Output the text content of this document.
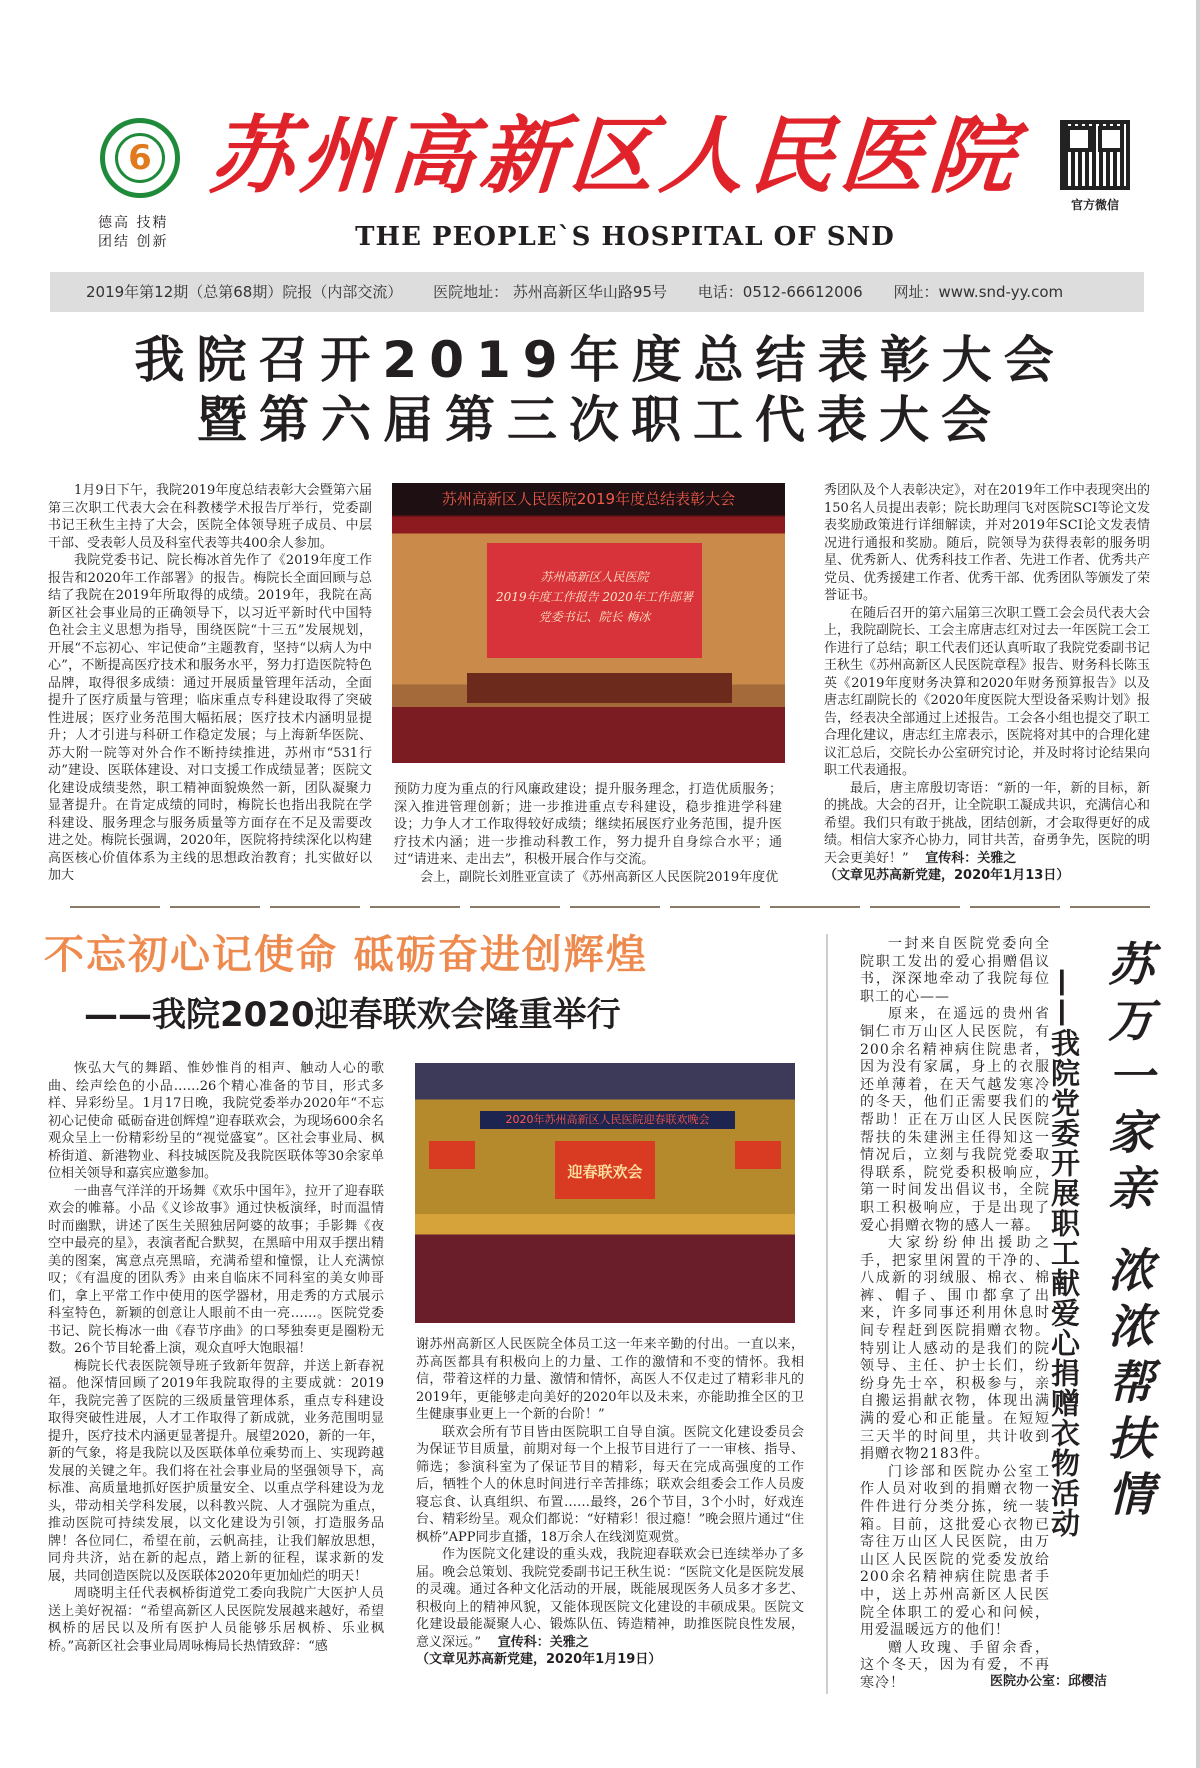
6
德高 技精
团结 创新
苏州高新区人民医院
THE PEOPLE`S HOSPITAL OF SND
官方微信
2019年第12期（总第68期）院报（内部交流） 医院地址： 苏州高新区华山路95号 电话：0512-66612006 网址：www.snd-yy.com
我院召开2019年度总结表彰大会
暨第六届第三次职工代表大会

1月9日下午，我院2019年度总结表彰大会暨第六届第三次职工代表大会在科教楼学术报告厅举行，党委副书记王秋生主持了大会，医院全体领导班子成员、中层干部、受表彰人员及科室代表等共400余人参加。

我院党委书记、院长梅冰首先作了《2019年度工作报告和2020年工作部署》的报告。梅院长全面回顾与总结了我院在2019年所取得的成绩。2019年，我院在高新区社会事业局的正确领导下，以习近平新时代中国特色社会主义思想为指导，围绕医院“十三五”发展规划，开展“不忘初心、牢记使命”主题教育，坚持“以病人为中心”，不断提高医疗技术和服务水平，努力打造医院特色品牌，取得很多成绩：通过开展质量管理年活动，全面提升了医疗质量与管理；临床重点专科建设取得了突破性进展；医疗业务范围大幅拓展；医疗技术内涵明显提升；人才引进与科研工作稳定发展；与上海新华医院、苏大附一院等对外合作不断持续推进，苏州市“531行动”建设、医联体建设、对口支援工作成绩显著；医院文化建设成绩斐然，职工精神面貌焕然一新，团队凝聚力显著提升。在肯定成绩的同时，梅院长也指出我院在学科建设、服务理念与服务质量等方面存在不足及需要改进之处。梅院长强调，2020年，医院将持续深化以构建高医核心价值体系为主线的思想政治教育；扎实做好以加大

苏州高新区人民医院2019年度总结表彰大会
苏州高新区人民医院
2019年度工作报告 2020年工作部署
党委书记、院长 梅冰

预防力度为重点的行风廉政建设；提升服务理念，打造优质服务；深入推进管理创新；进一步推进重点专科建设，稳步推进学科建设；力争人才工作取得较好成绩；继续拓展医疗业务范围，提升医疗技术内涵；进一步推动科教工作，努力提升自身综合水平；通过“请进来、走出去”，积极开展合作与交流。

会上，副院长刘胜亚宣读了《苏州高新区人民医院2019年度优

秀团队及个人表彰决定》，对在2019年工作中表现突出的150名人员提出表彰；院长助理闫飞对医院SCI等论文发表奖励政策进行详细解读，并对2019年SCI论文发表情况进行通报和奖励。随后，院领导为获得表彰的服务明星、优秀新人、优秀科技工作者、先进工作者、优秀共产党员、优秀援建工作者、优秀干部、优秀团队等颁发了荣誉证书。

在随后召开的第六届第三次职工暨工会会员代表大会上，我院副院长、工会主席唐志红对过去一年医院工会工作进行了总结；职工代表们还认真听取了我院党委副书记王秋生《苏州高新区人民医院章程》报告、财务科长陈玉英《2019年度财务决算和2020年财务预算报告》以及唐志红副院长的《2020年度医院大型设备采购计划》报告，经表决全部通过上述报告。工会各小组也提交了职工合理化建议，唐志红主席表示，医院将对其中的合理化建议汇总后，交院长办公室研究讨论，并及时将讨论结果向职工代表通报。

最后，唐主席殷切寄语：“新的一年，新的目标，新的挑战。大会的召开，让全院职工凝成共识，充满信心和希望。我们只有敢于挑战，团结创新，才会取得更好的成绩。相信大家齐心协力，同甘共苦，奋勇争先，医院的明天会更美好！” 宣传科：关雅之

（文章见苏高新党建，2020年1月13日）

不忘初心记使命 砥砺奋进创辉煌
——我院2020迎春联欢会隆重举行

恢弘大气的舞蹈、惟妙惟肖的相声、触动人心的歌曲、绘声绘色的小品……26个精心准备的节目，形式多样、异彩纷呈。1月17日晚，我院党委举办2020年“不忘初心记使命 砥砺奋进创辉煌”迎春联欢会，为现场600余名观众呈上一份精彩纷呈的“视觉盛宴”。区社会事业局、枫桥街道、新港物业、科技城医院及我院医联体等30余家单位相关领导和嘉宾应邀参加。

一曲喜气洋洋的开场舞《欢乐中国年》，拉开了迎春联欢会的帷幕。小品《义诊故事》通过快板演绎，时而温情时而幽默，讲述了医生关照独居阿婆的故事；手影舞《夜空中最亮的星》，表演者配合默契，在黑暗中用双手摆出精美的图案，寓意点亮黑暗，充满希望和憧憬，让人充满惊叹；《有温度的团队秀》由来自临床不同科室的美女帅哥们，拿上平常工作中使用的医学器材，用走秀的方式展示科室特色，新颖的创意让人眼前不由一亮……。医院党委书记、院长梅冰一曲《春节序曲》的口琴独奏更是圈粉无数。26个节目轮番上演，观众直呼大饱眼福！

梅院长代表医院领导班子致新年贺辞，并送上新春祝福。他深情回顾了2019年我院取得的主要成就：2019年，我院完善了医院的三级质量管理体系，重点专科建设取得突破性进展，人才工作取得了新成就，业务范围明显提升，医疗技术内涵更显著提升。展望2020，新的一年，新的气象，将是我院以及医联体单位乘势而上、实现跨越发展的关键之年。我们将在社会事业局的坚强领导下，高标准、高质量地抓好医护质量安全、以重点学科建设为龙头，带动相关学科发展，以科教兴院、人才强院为重点，推动医院可持续发展，以文化建设为引领，打造服务品牌！各位同仁，希望在前，云帆高挂，让我们解放思想，同舟共济，站在新的起点，踏上新的征程，谋求新的发展，共同创造医院以及医联体2020年更加灿烂的明天！

周晓明主任代表枫桥街道党工委向我院广大医护人员送上美好祝福：“希望高新区人民医院发展越来越好，希望枫桥的居民以及所有医护人员能够乐居枫桥、乐业枫桥。”高新区社会事业局周咏梅局长热情致辞：“感

2020年苏州高新区人民医院迎春联欢晚会
迎春联欢会

谢苏州高新区人民医院全体员工这一年来辛勤的付出。一直以来，苏高医都具有积极向上的力量、工作的激情和不变的情怀。我相信，带着这样的力量、激情和情怀，高医人不仅走过了精彩非凡的2019年，更能够走向美好的2020年以及未来，亦能助推全区的卫生健康事业更上一个新的台阶！”

联欢会所有节目皆由医院职工自导自演。医院文化建设委员会为保证节目质量，前期对每一个上报节目进行了一一审核、指导、筛选；参演科室为了保证节目的精彩，每天在完成高强度的工作后，牺牲个人的休息时间进行辛苦排练；联欢会组委会工作人员废寝忘食、认真组织、布置……最终，26个节目，3个小时，好戏连台、精彩纷呈。观众们都说：“好精彩！很过瘾！”晚会照片通过“住枫桥”APP同步直播，18万余人在线浏览观赏。

作为医院文化建设的重头戏，我院迎春联欢会已连续举办了多届。晚会总策划、我院党委副书记王秋生说：“医院文化是医院发展的灵魂。通过各种文化活动的开展，既能展现医务人员多才多艺、积极向上的精神风貌，又能体现医院文化建设的丰硕成果。医院文化建设最能凝聚人心、锻炼队伍、铸造精神，助推医院良性发展，意义深远。” 宣传科：关雅之

（文章见苏高新党建，2020年1月19日）

一封来自医院党委向全院职工发出的爱心捐赠倡议书，深深地牵动了我院每位职工的心——

原来，在遥远的贵州省铜仁市万山区人民医院，有200余名精神病住院患者，因为没有家属，身上的衣服还单薄着，在天气越发寒冷的冬天，他们正需要我们的帮助！正在万山区人民医院帮扶的朱建洲主任得知这一情况后，立刻与我院党委取得联系，院党委积极响应，第一时间发出倡议书，全院职工积极响应，于是出现了爱心捐赠衣物的感人一幕。

大家纷纷伸出援助之手，把家里闲置的干净的、八成新的羽绒服、棉衣、棉裤、帽子、围巾都拿了出来，许多同事还利用休息时间专程赶到医院捐赠衣物。特别让人感动的是我们的院领导、主任、护士长们，纷纷身先士卒，积极参与，亲自搬运捐献衣物，体现出满满的爱心和正能量。在短短三天半的时间里，共计收到捐赠衣物2183件。

门诊部和医院办公室工作人员对收到的捐赠衣物一件件进行分类分拣，统一装箱。目前，这批爱心衣物已寄往万山区人民医院，由万山区人民医院的党委发放给200余名精神病住院患者手中，送上苏州高新区人民医院全体职工的爱心和问候，用爱温暖远方的他们！

赠人玫瑰、手留余香，这个冬天，因为有爱，不再寒冷！

——我院党委开展职工献爱心捐赠衣物活动 苏万一家亲 浓浓帮扶情
医院办公室：邱樱洁
